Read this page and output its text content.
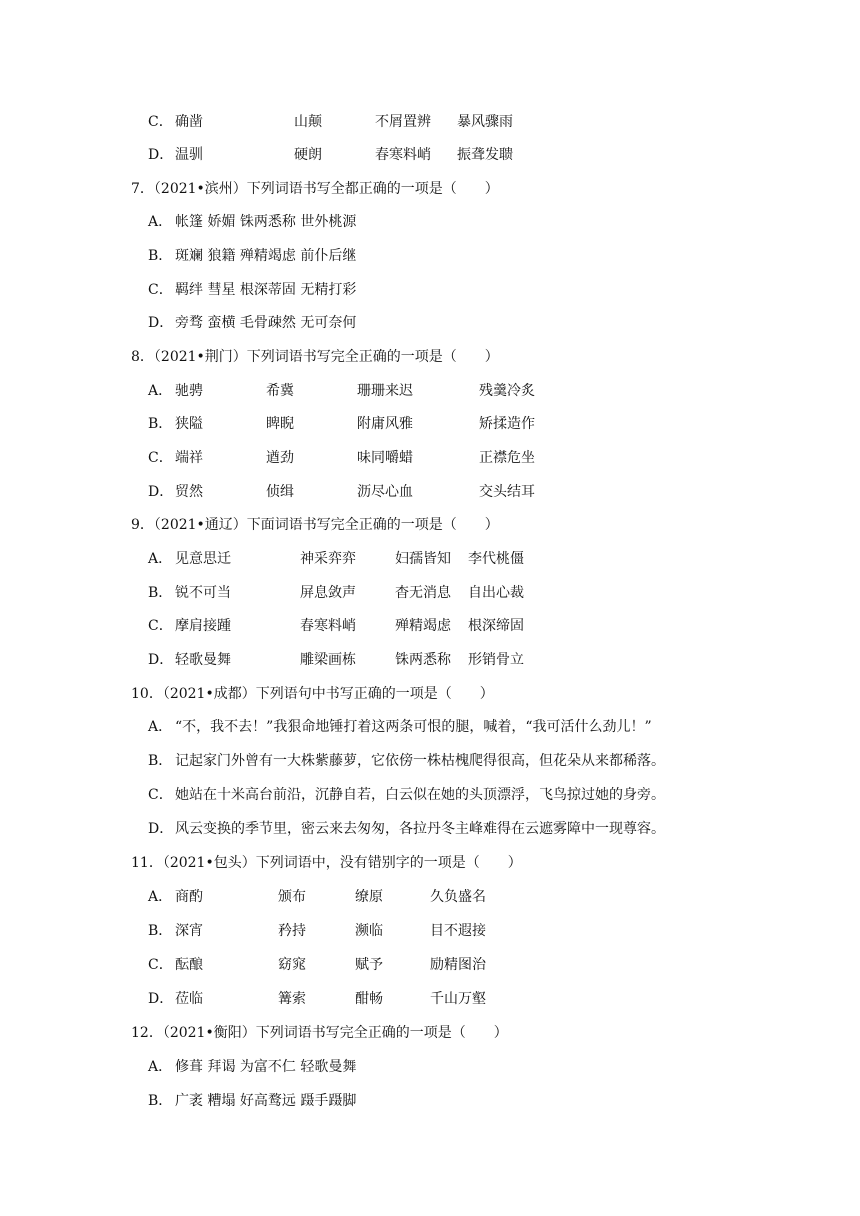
C． 确凿	山颠	不屑置辨 暴风骤雨
D． 温驯	硬朗	春寒料峭 振聋发聩
7．（2021•滨州）下列词语书写全都正确的一项是（　　）
A． 帐篷 娇媚 铢两悉称 世外桃源
B． 斑斓 狼籍 殚精竭虑 前仆后继
C． 羁绊 彗星 根深蒂固 无精打彩
D． 旁骛 蛮横 毛骨疎然 无可奈何
8．（2021•荆门）下列词语书写完全正确的一项是（　　）
A． 驰骋	希冀	珊珊来迟	残羹冷炙
B． 狭隘	睥睨	附庸风雅	矫揉造作
C． 端祥	遒劲	味同嚼蜡	正襟危坐
D． 贸然	侦缉	沥尽心血	交头结耳
9．（2021•通辽）下面词语书写完全正确的一项是（　　）
A． 见意思迁	神采弈弈	妇孺皆知 李代桃僵
B． 锐不可当	屏息敛声	杳无消息 自出心裁
C． 摩肩接踵	春寒料峭	殚精竭虑 根深缔固
D． 轻歌曼舞	雕梁画栋	铢两悉称 形销骨立
10．（2021•成都）下列语句中书写正确的一项是（　　）
A． “不，我不去！”我狠命地锤打着这两条可恨的腿，喊着，“我可活什么劲儿！”
B． 记起家门外曾有一大株紫藤萝，它依傍一株枯槐爬得很高，但花朵从来都稀落。
C． 她站在十米高台前沿，沉静自若，白云似在她的头顶漂浮，飞鸟掠过她的身旁。
D． 风云变换的季节里，密云来去匆匆，各拉丹冬主峰难得在云遮雾障中一现尊容。
11．（2021•包头）下列词语中，没有错别字的一项是（　　）
A． 商酌	颁布	缭原	久负盛名
B． 深宵	矜持	濒临	目不遐接
C． 酝酿	窈窕	赋予	励精图治
D． 莅临	篝索	酣畅	千山万壑
12．（2021•衡阳）下列词语书写完全正确的一项是（　　）
A． 修葺 拜谒 为富不仁 轻歌曼舞
B． 广袤 糟塌 好高鹜远 蹑手蹑脚
